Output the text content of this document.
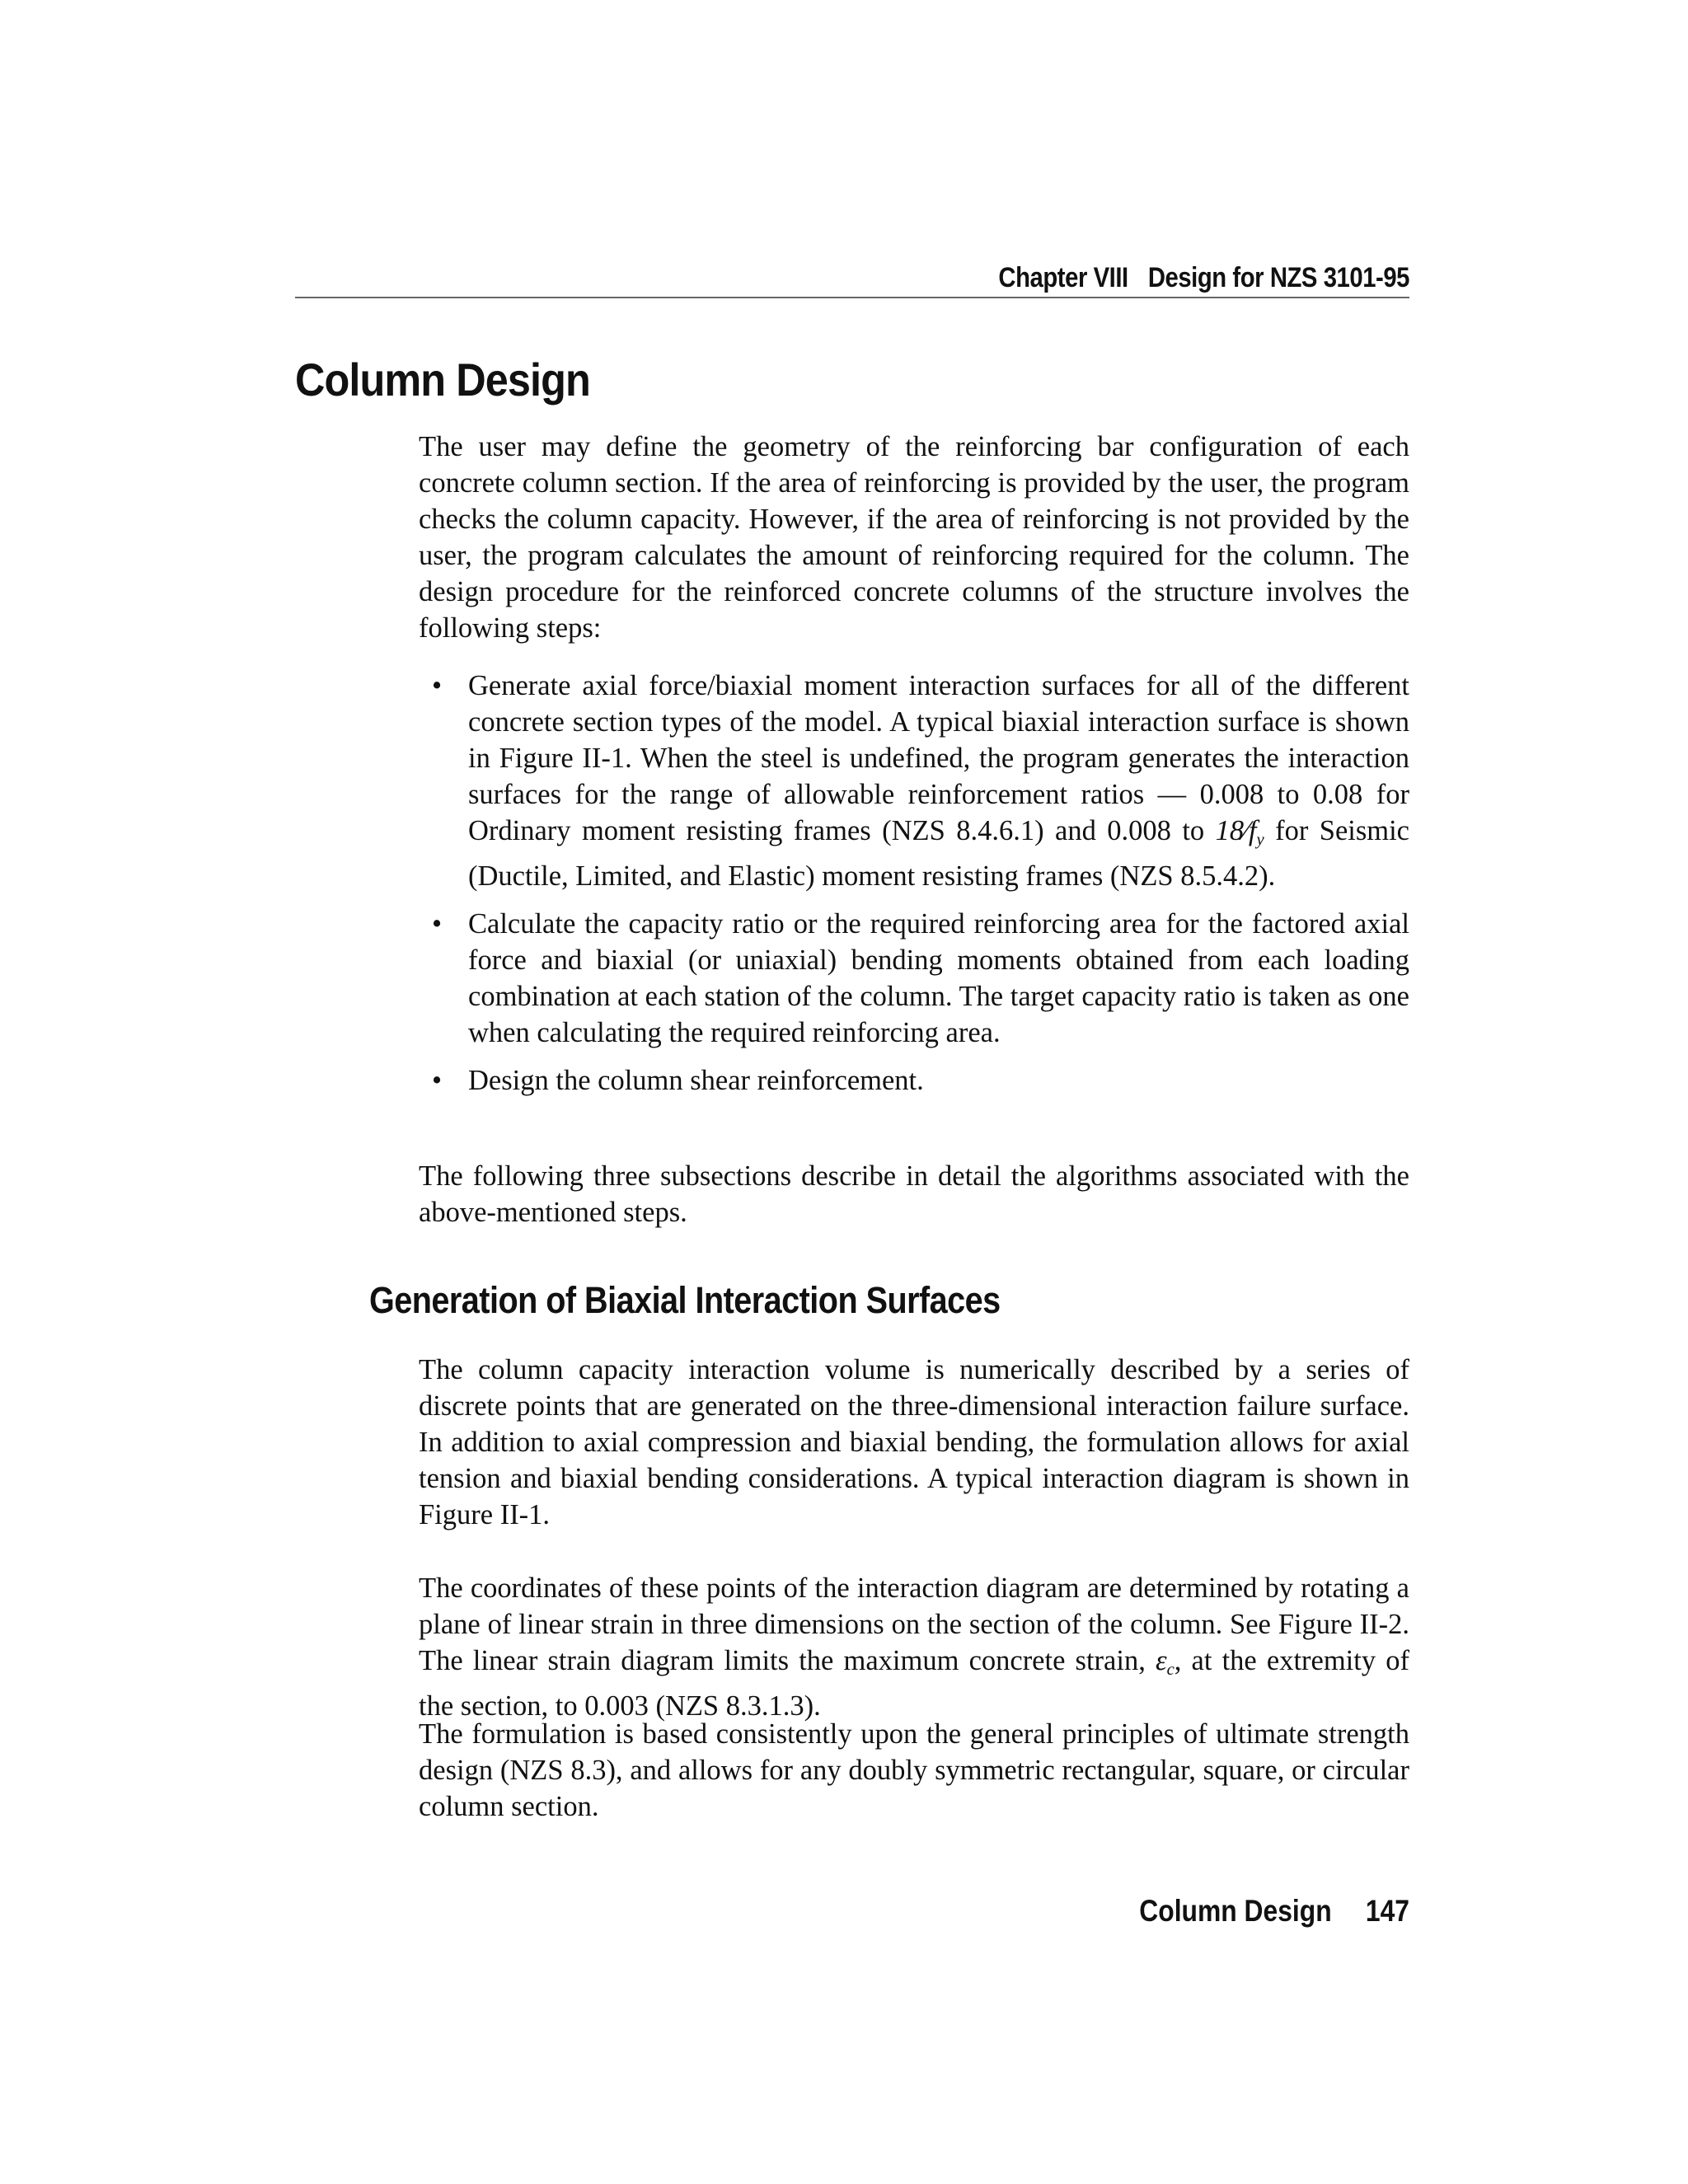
Chapter VIII Design for NZS 3101-95
Column Design

The user may define the geometry of the reinforcing bar configuration of each concrete column section. If the area of reinforcing is provided by the user, the program checks the column capacity. However, if the area of reinforcing is not provided by the user, the program calculates the amount of reinforcing required for the column. The design procedure for the reinforced concrete columns of the structure involves the following steps:

• Generate axial force/biaxial moment interaction surfaces for all of the different concrete section types of the model. A typical biaxial interaction surface is shown in Figure II-1. When the steel is undefined, the program generates the interaction surfaces for the range of allowable reinforcement ratios — 0.008 to 0.08 for Ordinary moment resisting frames (NZS 8.4.6.1) and 0.008 to $18∕f_y$ for Seismic (Ductile, Limited, and Elastic) moment resisting frames (NZS 8.5.4.2).
• Calculate the capacity ratio or the required reinforcing area for the factored axial force and biaxial (or uniaxial) bending moments obtained from each loading combination at each station of the column. The target capacity ratio is taken as one when calculating the required reinforcing area.
• Design the column shear reinforcement.

The following three subsections describe in detail the algorithms associated with the above-mentioned steps.

Generation of Biaxial Interaction Surfaces

The column capacity interaction volume is numerically described by a series of discrete points that are generated on the three-dimensional interaction failure surface. In addition to axial compression and biaxial bending, the formulation allows for axial tension and biaxial bending considerations. A typical interaction diagram is shown in Figure II-1.

The coordinates of these points of the interaction diagram are determined by rotating a plane of linear strain in three dimensions on the section of the column. See Figure II-2. The linear strain diagram limits the maximum concrete strain, $\varepsilon_c$, at the extremity of the section, to 0.003 (NZS 8.3.1.3).

The formulation is based consistently upon the general principles of ultimate strength design (NZS 8.3), and allows for any doubly symmetric rectangular, square, or circular column section.

Column Design 147
